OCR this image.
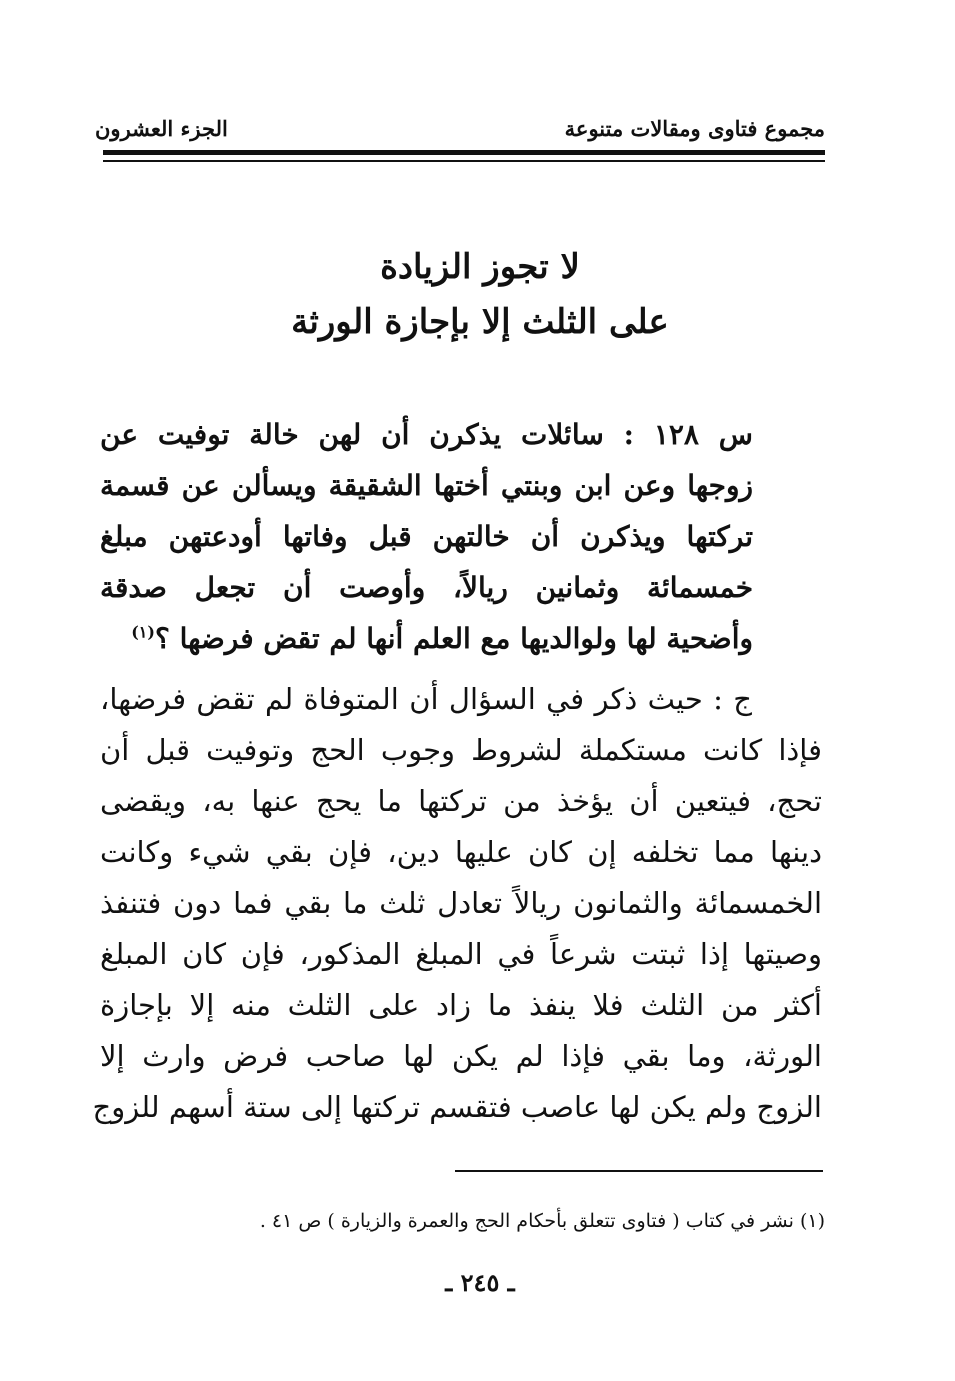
مجموع فتاوى ومقالات متنوعة
الجزء العشرون
لا تجوز الزيادة
على الثلث إلا بإجازة الورثة
س ١٢٨ : سائلات يذكرن أن لهن خالة توفيت عن
زوجها وعن ابن وبنتي أختها الشقيقة ويسألن عن قسمة
تركتها ويذكرن أن خالتهن قبل وفاتها أودعتهن مبلغ
خمسمائة وثمانين ريالاً، وأوصت أن تجعل صدقة
وأضحية لها ولوالديها مع العلم أنها لم تقض فرضها ؟$^{(١)}$
ج : حيث ذكر في السؤال أن المتوفاة لم تقض فرضها،
فإذا كانت مستكملة لشروط وجوب الحج وتوفيت قبل أن
تحج، فيتعين أن يؤخذ من تركتها ما يحج عنها به، ويقضى
دينها مما تخلفه إن كان عليها دين، فإن بقي شيء وكانت
الخمسمائة والثمانون ريالاً تعادل ثلث ما بقي فما دون فتنفذ
وصيتها إذا ثبتت شرعاً في المبلغ المذكور، فإن كان المبلغ
أكثر من الثلث فلا ينفذ ما زاد على الثلث منه إلا بإجازة
الورثة، وما بقي فإذا لم يكن لها صاحب فرض وارث إلا
الزوج ولم يكن لها عاصب فتقسم تركتها إلى ستة أسهم للزوج
(١) نشر في كتاب ( فتاوى تتعلق بأحكام الحج والعمرة والزيارة ) ص ٤١ .
ـ ٢٤٥ ـ
